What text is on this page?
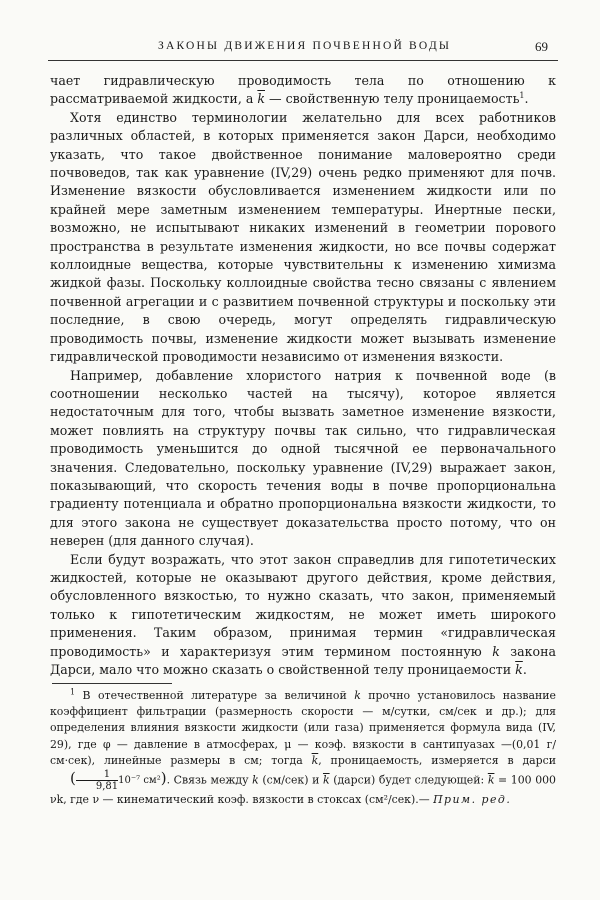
ЗАКОНЫ ДВИЖЕНИЯ ПОЧВЕННОЙ ВОДЫ	69

чает гидравлическую проводимость тела по отношению к рассматриваемой жидкости, а $\overline{k}$ — свойственную телу проницаемость$^1$.

Хотя единство терминологии желательно для всех работников различных областей, в которых применяется закон Дарси, необходимо указать, что такое двойственное понимание маловероятно среди почвоведов, так как уравнение (IV,29) очень редко применяют для почв. Изменение вязкости обусловливается изменением жидкости или по крайней мере заметным изменением температуры. Инертные пески, возможно, не испытывают никаких изменений в геометрии порового пространства в результате изменения жидкости, но все почвы содержат коллоидные вещества, которые чувствительны к изменению химизма жидкой фазы. Поскольку коллоидные свойства тесно связаны с явлением почвенной агрегации и с развитием почвенной структуры и поскольку эти последние, в свою очередь, могут определять гидравлическую проводимость почвы, изменение жидкости может вызывать изменение гидравлической проводимости независимо от изменения вязкости.

Например, добавление хлористого натрия к почвенной воде (в соотношении несколько частей на тысячу), которое является недостаточным для того, чтобы вызвать заметное изменение вязкости, может повлиять на структуру почвы так сильно, что гидравлическая проводимость уменьшится до одной тысячной ее первоначального значения. Следовательно, поскольку уравнение (IV,29) выражает закон, показывающий, что скорость течения воды в почве пропорциональна градиенту потенциала и обратно пропорциональна вязкости жидкости, то для этого закона не существует доказательства просто потому, что он неверен (для данного случая).

Если будут возражать, что этот закон справедлив для гипотетических жидкостей, которые не оказывают другого действия, кроме действия, обусловленного вязкостью, то нужно сказать, что закон, применяемый только к гипотетическим жидкостям, не может иметь широкого применения. Таким образом, принимая термин «гидравлическая проводимость» и характеризуя этим термином постоянную k закона Дарси, мало что можно сказать о свойственной телу проницаемости $\overline{k}$.

$^1$ В отечественной литературе за величиной k прочно установилось название коэффициент фильтрации (размерность скорости — м/сутки, см/сек и др.); для определения влияния вязкости жидкости (или газа) применяется формула вида (IV, 29), где φ — давление в атмосферах, μ — коэф. вязкости в сантипуазах —(0,01 г/см·сек), линейные размеры в см; тогда $\overline{k}$, проницаемость, измеряется в дарси ( $\frac{1}{9,81} 10^{-7}$ см²). Связь между k (см/сек) и $\overline{k}$ (дарси) будет следующей: $\overline{k} = 100$ 000 νk, где ν — кинематический коэф. вязкости в стоксах (см²/сек).— Прим. ред.
